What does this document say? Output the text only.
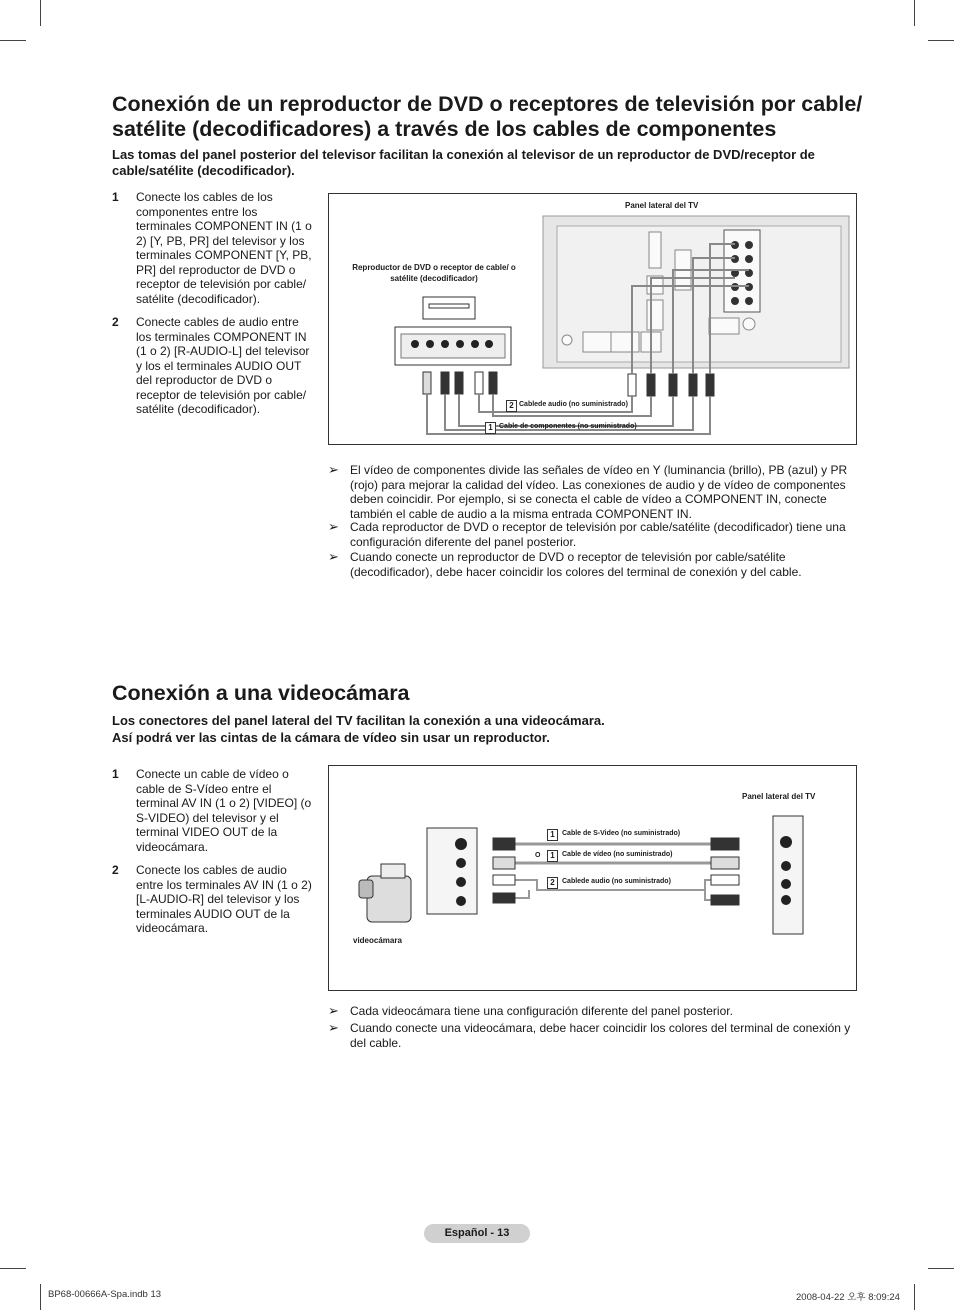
Conexión de un reproductor de DVD o receptores de televisión por cable/ satélite (decodificadores) a través de los cables de componentes
Las tomas del panel posterior del televisor facilitan la conexión al televisor de un reproductor de DVD/receptor de cable/satélite (decodificador).
1 Conecte los cables de los componentes entre los terminales COMPONENT IN (1 o 2) [Y, PB, PR] del televisor y los terminales COMPONENT [Y, PB, PR] del reproductor de DVD o receptor de televisión por cable/ satélite (decodificador).
2 Conecte cables de audio entre los terminales COMPONENT IN (1 o 2) [R-AUDIO-L] del televisor y los el terminales AUDIO OUT del reproductor de DVD o receptor de televisión por cable/ satélite (decodificador).
Panel lateral del TV
Reproductor de DVD o receptor de cable/ o satélite (decodificador)
2 Cablede audio (no suministrado)
1 Cable de componentes (no suministrado)
➢ El vídeo de componentes divide las señales de vídeo en Y (luminancia (brillo), PB (azul) y PR (rojo) para mejorar la calidad del vídeo. Las conexiones de audio y de vídeo de componentes deben coincidir. Por ejemplo, si se conecta el cable de vídeo a COMPONENT IN, conecte también el cable de audio a la misma entrada COMPONENT IN.
➢ Cada reproductor de DVD o receptor de televisión por cable/satélite (decodificador) tiene una configuración diferente del panel posterior.
➢ Cuando conecte un reproductor de DVD o receptor de televisión por cable/satélite (decodificador), debe hacer coincidir los colores del terminal de conexión y del cable.
Conexión a una videocámara
Los conectores del panel lateral del TV facilitan la conexión a una videocámara.
Así podrá ver las cintas de la cámara de vídeo sin usar un reproductor.
1 Conecte un cable de vídeo o cable de S-Vídeo entre el terminal AV IN (1 o 2) [VIDEO] (o S-VIDEO) del televisor y el terminal VIDEO OUT de la videocámara.
2 Conecte los cables de audio entre los terminales AV IN (1 o 2) [L-AUDIO-R] del televisor y los terminales AUDIO OUT de la videocámara.
Panel lateral del TV
videocámara
1	Cable de S-Video (no suministrado)
O	1	Cable de vídeo (no suministrado)
2	Cablede audio (no suministrado)
➢ Cada videocámara tiene una configuración diferente del panel posterior.
➢ Cuando conecte una videocámara, debe hacer coincidir los colores del terminal de conexión y del cable.
Español - 13
BP68-00666A-Spa.indb 13	2008-04-22 오후 8:09:24
